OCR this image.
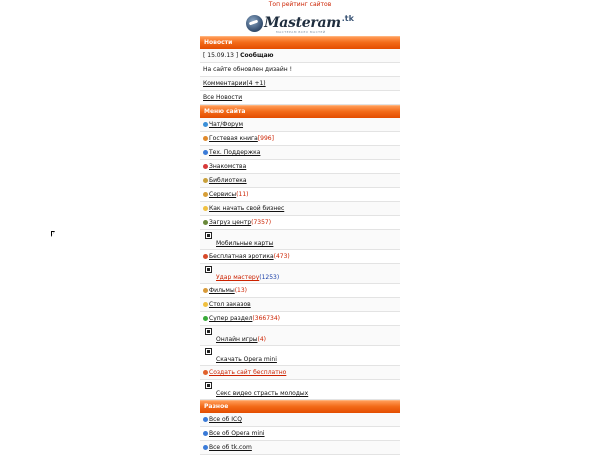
Топ рейтинг сайтов
Masteram .tk
МАСТЕРАМ ВСЕХ МАСТЕЙ
Новости
[ 15.09.13 ]
Сообщаю
На сайте обновлен дизайн !
Комментарии(4 +1)
Все Новости
Меню сайта
Чат/Форум
Гостевая книга [996]
Тех. Поддержка
Знакомства
Библиотека
Сервисы (11)
Как начать свой бизнес
Загруз центр (7357)
Мобильные карты
Бесплатная эротика (473)
Удар мастеру (1253)
Фильмы (13)
Стол заказов
Супер раздел (366734)
Онлайн игры (4)
Скачать Opera mini
Создать сайт бесплатно
Секс видео страсть молодых
Разное
Все об ICQ
Все об Opera mini
Все об tk.com
